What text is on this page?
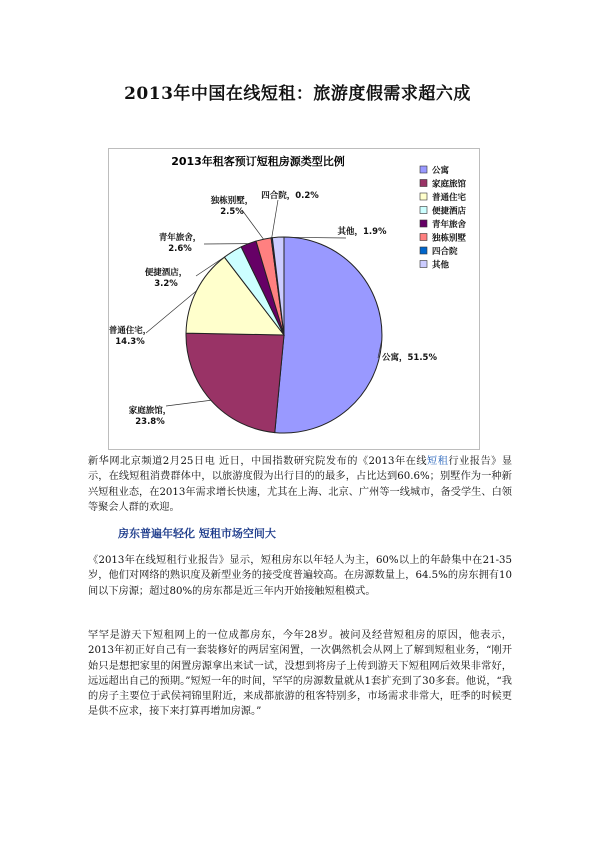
2013年中国在线短租：旅游度假需求超六成
2013年租客预订短租房源类型比例
公寓，51.5%
家庭旅馆， 23.8%
普通住宅， 14.3%
便捷酒店， 3.2%
青年旅舍， 2.6%
独栋别墅， 2.5%
四合院，0.2%
其他，1.9%
公寓
家庭旅馆
普通住宅
便捷酒店
青年旅舍
独栋别墅
四合院
其他

新华网北京频道2月25日电 近日，中国指数研究院发布的《2013年在线短租行业报告》显示，在线短租消费群体中，以旅游度假为出行目的的最多，占比达到60.6%；别墅作为一种新兴短租业态，在2013年需求增长快速，尤其在上海、北京、广州等一线城市，备受学生、白领等聚会人群的欢迎。

房东普遍年轻化 短租市场空间大

《2013年在线短租行业报告》显示，短租房东以年轻人为主，60%以上的年龄集中在21-35岁，他们对网络的熟识度及新型业务的接受度普遍较高。在房源数量上，64.5%的房东拥有10间以下房源；超过80%的房东都是近三年内开始接触短租模式。

罕罕是游天下短租网上的一位成都房东，今年28岁。被问及经营短租房的原因，他表示，2013年初正好自己有一套装修好的两居室闲置，一次偶然机会从网上了解到短租业务，“刚开始只是想把家里的闲置房源拿出来试一试，没想到将房子上传到游天下短租网后效果非常好，远远超出自己的预期。”短短一年的时间，罕罕的房源数量就从1套扩充到了30多套。他说，“我的房子主要位于武侯祠锦里附近，来成都旅游的租客特别多，市场需求非常大，旺季的时候更是供不应求，接下来打算再增加房源。”
